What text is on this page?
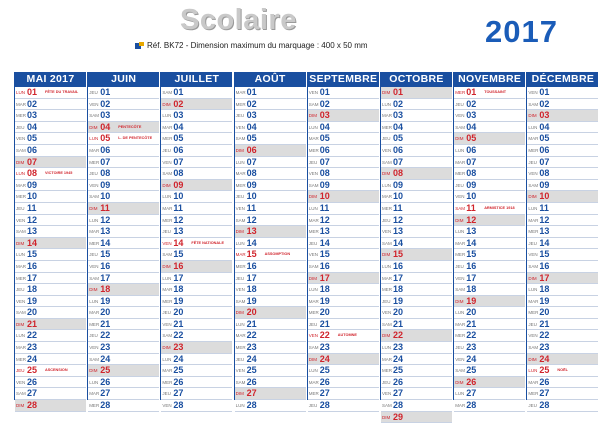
Scolaire
Réf. BK72 - Dimension maximum du marquage : 400 x 50 mm	2017
MAI 2017
LUN 01 FÊTE DU TRAVAIL
MAR 02
MER 03
JEU 04
VEN 05
SAM 06
DIM 07
LUN 08 VICTOIRE 1945
MAR 09
MER 10
JEU 11
VEN 12
SAM 13
DIM 14
LUN 15
MAR 16
MER 17
JEU 18
VEN 19
SAM 20
DIM 21
LUN 22
MAR 23
MER 24
JEU 25 ASCENSION
VEN 26
SAM 27
DIM 28
JUIN
JEU 01
VEN 02
SAM 03
DIM 04 PENTECÔTE
LUN 05 L. DE PENTECÔTE
MAR 06
MER 07
JEU 08
VEN 09
SAM 10
DIM 11
LUN 12
MAR 13
MER 14
JEU 15
VEN 16
SAM 17
DIM 18
LUN 19
MAR 20
MER 21
JEU 22
VEN 23
SAM 24
DIM 25
LUN 26
MAR 27
MER 28
JUILLET
SAM 01
DIM 02
LUN 03
MAR 04
MER 05
JEU 06
VEN 07
SAM 08
DIM 09
LUN 10
MAR 11
MER 12
JEU 13
VEN 14 FÊTE NATIONALE
SAM 15
DIM 16
LUN 17
MAR 18
MER 19
JEU 20
VEN 21
SAM 22
DIM 23
LUN 24
MAR 25
MER 26
JEU 27
VEN 28
AOÛT
MAR 01
MER 02
JEU 03
VEN 04
SAM 05
DIM 06
LUN 07
MAR 08
MER 09
JEU 10
VEN 11
SAM 12
DIM 13
LUN 14
MAR 15 ASSOMPTION
MER 16
JEU 17
VEN 18
SAM 19
DIM 20
LUN 21
MAR 22
MER 23
JEU 24
VEN 25
SAM 26
DIM 27
LUN 28
SEPTEMBRE
VEN 01
SAM 02
DIM 03
LUN 04
MAR 05
MER 06
JEU 07
VEN 08
SAM 09
DIM 10
LUN 11
MAR 12
MER 13
JEU 14
VEN 15
SAM 16
DIM 17
LUN 18
MAR 19
MER 20
JEU 21
VEN 22 AUTOMNE
SAM 23
DIM 24
LUN 25
MAR 26
MER 27
JEU 28
OCTOBRE
DIM 01
LUN 02
MAR 03
MER 04
JEU 05
VEN 06
SAM 07
DIM 08
LUN 09
MAR 10
MER 11
JEU 12
VEN 13
SAM 14
DIM 15
LUN 16
MAR 17
MER 18
JEU 19
VEN 20
SAM 21
DIM 22
LUN 23
MAR 24
MER 25
JEU 26
VEN 27
SAM 28
DIM 29
NOVEMBRE
MER 01 TOUSSAINT
JEU 02
VEN 03
SAM 04
DIM 05
LUN 06
MAR 07
MER 08
JEU 09
VEN 10
SAM 11 ARMISTICE 1918
DIM 12
LUN 13
MAR 14
MER 15
JEU 16
VEN 17
SAM 18
DIM 19
LUN 20
MAR 21
MER 22
JEU 23
VEN 24
SAM 25
DIM 26
LUN 27
MAR 28
DÉCEMBRE
VEN 01
SAM 02
DIM 03
LUN 04
MAR 05
MER 06
JEU 07
VEN 08
SAM 09
DIM 10
LUN 11
MAR 12
MER 13
JEU 14
VEN 15
SAM 16
DIM 17
LUN 18
MAR 19
MER 20
JEU 21
VEN 22
SAM 23
DIM 24
LUN 25 NOËL
MAR 26
MER 27
JEU 28
